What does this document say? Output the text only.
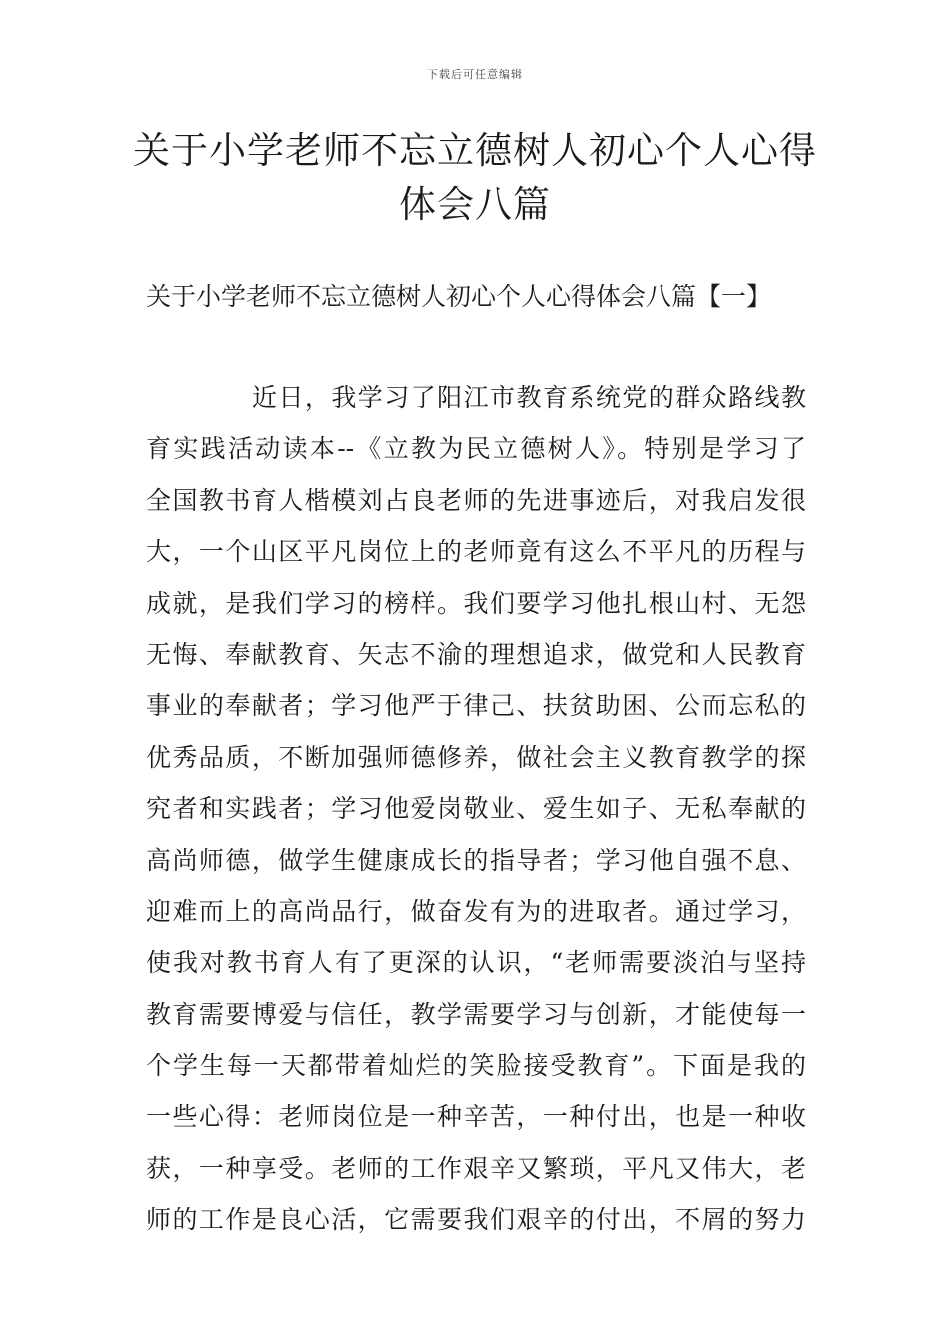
下载后可任意编辑
关于小学老师不忘立德树人初心个人心得
体会八篇
关于小学老师不忘立德树人初心个人心得体会八篇【一】
近日，我学习了阳江市教育系统党的群众路线教
育实践活动读本--《立教为民立德树人》。特别是学习了
全国教书育人楷模刘占良老师的先进事迹后，对我启发很
大，一个山区平凡岗位上的老师竟有这么不平凡的历程与
成就，是我们学习的榜样。我们要学习他扎根山村、无怨
无悔、奉献教育、矢志不渝的理想追求，做党和人民教育
事业的奉献者；学习他严于律己、扶贫助困、公而忘私的
优秀品质，不断加强师德修养，做社会主义教育教学的探
究者和实践者；学习他爱岗敬业、爱生如子、无私奉献的
高尚师德，做学生健康成长的指导者；学习他自强不息、
迎难而上的高尚品行，做奋发有为的进取者。通过学习，
使我对教书育人有了更深的认识，“老师需要淡泊与坚持
教育需要博爱与信任，教学需要学习与创新，才能使每一
个学生每一天都带着灿烂的笑脸接受教育”。下面是我的
一些心得：老师岗位是一种辛苦，一种付出，也是一种收
获，一种享受。老师的工作艰辛又繁琐，平凡又伟大，老
师的工作是良心活，它需要我们艰辛的付出，不屑的努力
